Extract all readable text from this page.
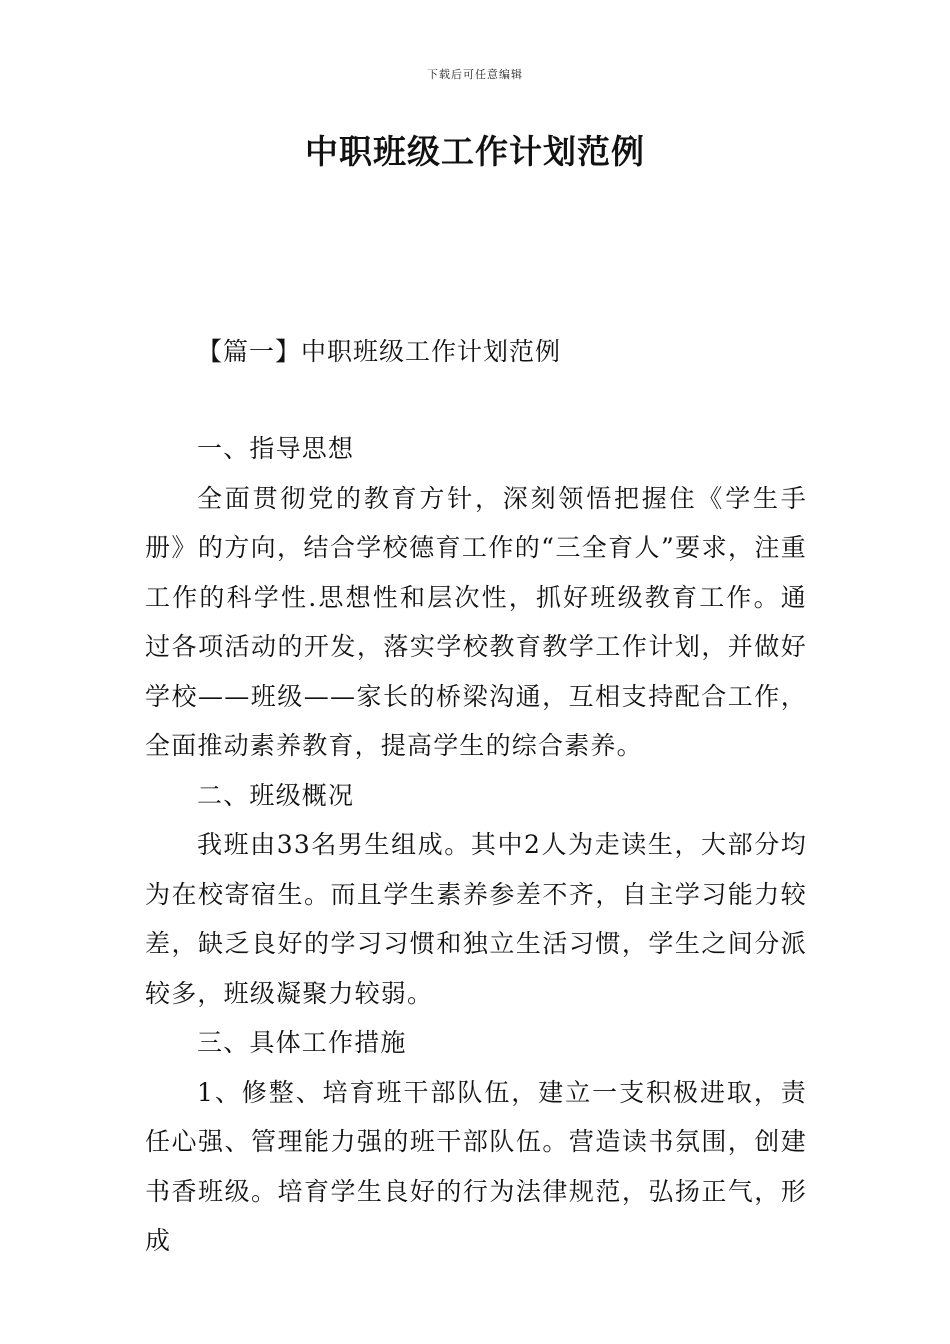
下载后可任意编辑
中职班级工作计划范例
【篇一】中职班级工作计划范例

一、指导思想

全面贯彻党的教育方针，深刻领悟把握住《学生手册》的方向，结合学校德育工作的“三全育人”要求，注重工作的科学性.思想性和层次性，抓好班级教育工作。通过各项活动的开发，落实学校教育教学工作计划，并做好学校——班级——家长的桥梁沟通，互相支持配合工作，全面推动素养教育，提高学生的综合素养。

二、班级概况

我班由33名男生组成。其中2人为走读生，大部分均为在校寄宿生。而且学生素养参差不齐，自主学习能力较差，缺乏良好的学习习惯和独立生活习惯，学生之间分派较多，班级凝聚力较弱。

三、具体工作措施

1、修整、培育班干部队伍，建立一支积极进取，责任心强、管理能力强的班干部队伍。营造读书氛围，创建书香班级。培育学生良好的行为法律规范，弘扬正气，形成
